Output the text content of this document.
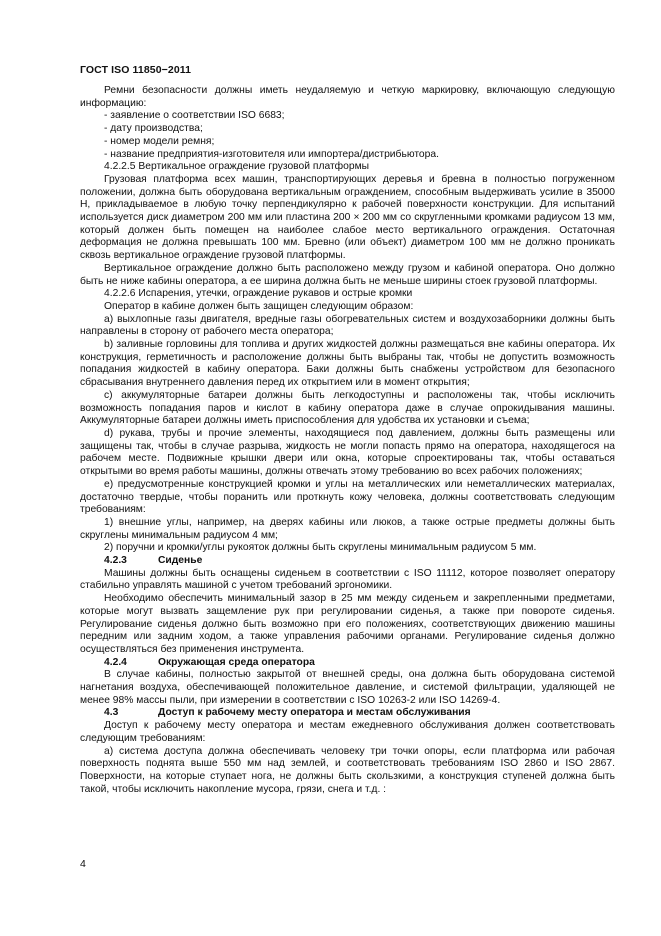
ГОСТ ISO 11850−2011

Ремни безопасности должны иметь неудаляемую и четкую маркировку, включающую следующую информацию:

- заявление о соответствии ISO 6683;

- дату производства;

- номер модели ремня;

- название предприятия-изготовителя или импортера/дистрибьютора.

4.2.2.5 Вертикальное ограждение грузовой платформы

Грузовая платформа всех машин, транспортирующих деревья и бревна в полностью погруженном положении, должна быть оборудована вертикальным ограждением, способным выдерживать усилие в 35000 Н, прикладываемое в любую точку перпендикулярно к рабочей поверхности конструкции. Для испытаний используется диск диаметром 200 мм или пластина 200 × 200 мм со скругленными кромками радиусом 13 мм, который должен быть помещен на наиболее слабое место вертикального ограждения. Остаточная деформация не должна превышать 100 мм. Бревно (или объект) диаметром 100 мм не должно проникать сквозь вертикальное ограждение грузовой платформы.

Вертикальное ограждение должно быть расположено между грузом и кабиной оператора. Оно должно быть не ниже кабины оператора, а ее ширина должна быть не меньше ширины стоек грузовой платформы.

4.2.2.6 Испарения, утечки, ограждение рукавов и острые кромки

Оператор в кабине должен быть защищен следующим образом:

а) выхлопные газы двигателя, вредные газы обогревательных систем и воздухозаборники должны быть направлены в сторону от рабочего места оператора;

b) заливные горловины для топлива и других жидкостей должны размещаться вне кабины оператора. Их конструкция, герметичность и расположение должны быть выбраны так, чтобы не допустить возможность попадания жидкостей в кабину оператора. Баки должны быть снабжены устройством для безопасного сбрасывания внутреннего давления перед их открытием или в момент открытия;

c) аккумуляторные батареи должны быть легкодоступны и расположены так, чтобы исключить возможность попадания паров и кислот в кабину оператора даже в случае опрокидывания машины. Аккумуляторные батареи должны иметь приспособления для удобства их установки и съема;

d) рукава, трубы и прочие элементы, находящиеся под давлением, должны быть размещены или защищены так, чтобы в случае разрыва, жидкость не могли попасть прямо на оператора, находящегося на рабочем месте. Подвижные крышки двери или окна, которые спроектированы так, чтобы оставаться открытыми во время работы машины, должны отвечать этому требованию во всех рабочих положениях;

e) предусмотренные конструкцией кромки и углы на металлических или неметаллических материалах, достаточно твердые, чтобы поранить или проткнуть кожу человека, должны соответствовать следующим требованиям:

1) внешние углы, например, на дверях кабины или люков, а также острые предметы должны быть скруглены минимальным радиусом 4 мм;

2) поручни и кромки/углы рукояток должны быть скруглены минимальным радиусом 5 мм.

4.2.3	Сиденье

Машины должны быть оснащены сиденьем в соответствии с ISO 11112, которое позволяет оператору стабильно управлять машиной с учетом требований эргономики.

Необходимо обеспечить минимальный зазор в 25 мм между сиденьем и закрепленными предметами, которые могут вызвать защемление рук при регулировании сиденья, а также при повороте сиденья. Регулирование сиденья должно быть возможно при его положениях, соответствующих движению машины передним или задним ходом, а также управления рабочими органами. Регулирование сиденья должно осуществляться без применения инструмента.

4.2.4	Окружающая среда оператора

В случае кабины, полностью закрытой от внешней среды, она должна быть оборудована системой нагнетания воздуха, обеспечивающей положительное давление, и системой фильтрации, удаляющей не менее 98% массы пыли, при измерении в соответствии с ISO 10263-2 или ISO 14269-4.

4.3	Доступ к рабочему месту оператора и местам обслуживания

Доступ к рабочему месту оператора и местам ежедневного обслуживания должен соответствовать следующим требованиям:

а) система доступа должна обеспечивать человеку три точки опоры, если платформа или рабочая поверхность поднята выше 550 мм над землей, и соответствовать требованиям ISO 2860 и ISO 2867. Поверхности, на которые ступает нога, не должны быть скользкими, а конструкция ступеней должна быть такой, чтобы исключить накопление мусора, грязи, снега и т.д. :

4
